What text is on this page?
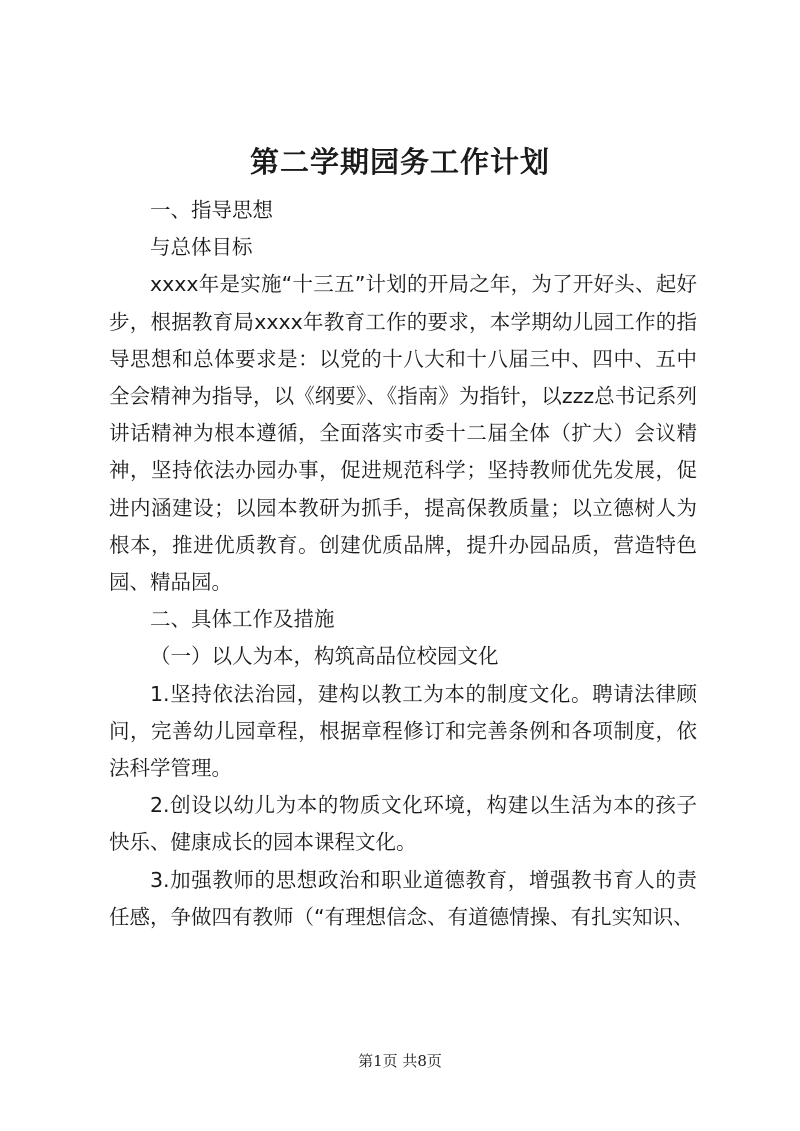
第二学期园务工作计划

一、指导思想

与总体目标

xxxx年是实施“十三五”计划的开局之年，为了开好头、起好步，根据教育局xxxx年教育工作的要求，本学期幼儿园工作的指导思想和总体要求是：以党的十八大和十八届三中、四中、五中全会精神为指导，以《纲要》、《指南》为指针，以zzz总书记系列讲话精神为根本遵循，全面落实市委十二届全体（扩大）会议精神，坚持依法办园办事，促进规范科学；坚持教师优先发展，促进内涵建设；以园本教研为抓手，提高保教质量；以立德树人为根本，推进优质教育。创建优质品牌，提升办园品质，营造特色园、精品园。

二、具体工作及措施

（一）以人为本，构筑高品位校园文化

1.坚持依法治园，建构以教工为本的制度文化。聘请法律顾问，完善幼儿园章程，根据章程修订和完善条例和各项制度，依法科学管理。

2.创设以幼儿为本的物质文化环境，构建以生活为本的孩子快乐、健康成长的园本课程文化。

3.加强教师的思想政治和职业道德教育，增强教书育人的责任感，争做四有教师（“有理想信念、有道德情操、有扎实知识、

第1页 共8页
